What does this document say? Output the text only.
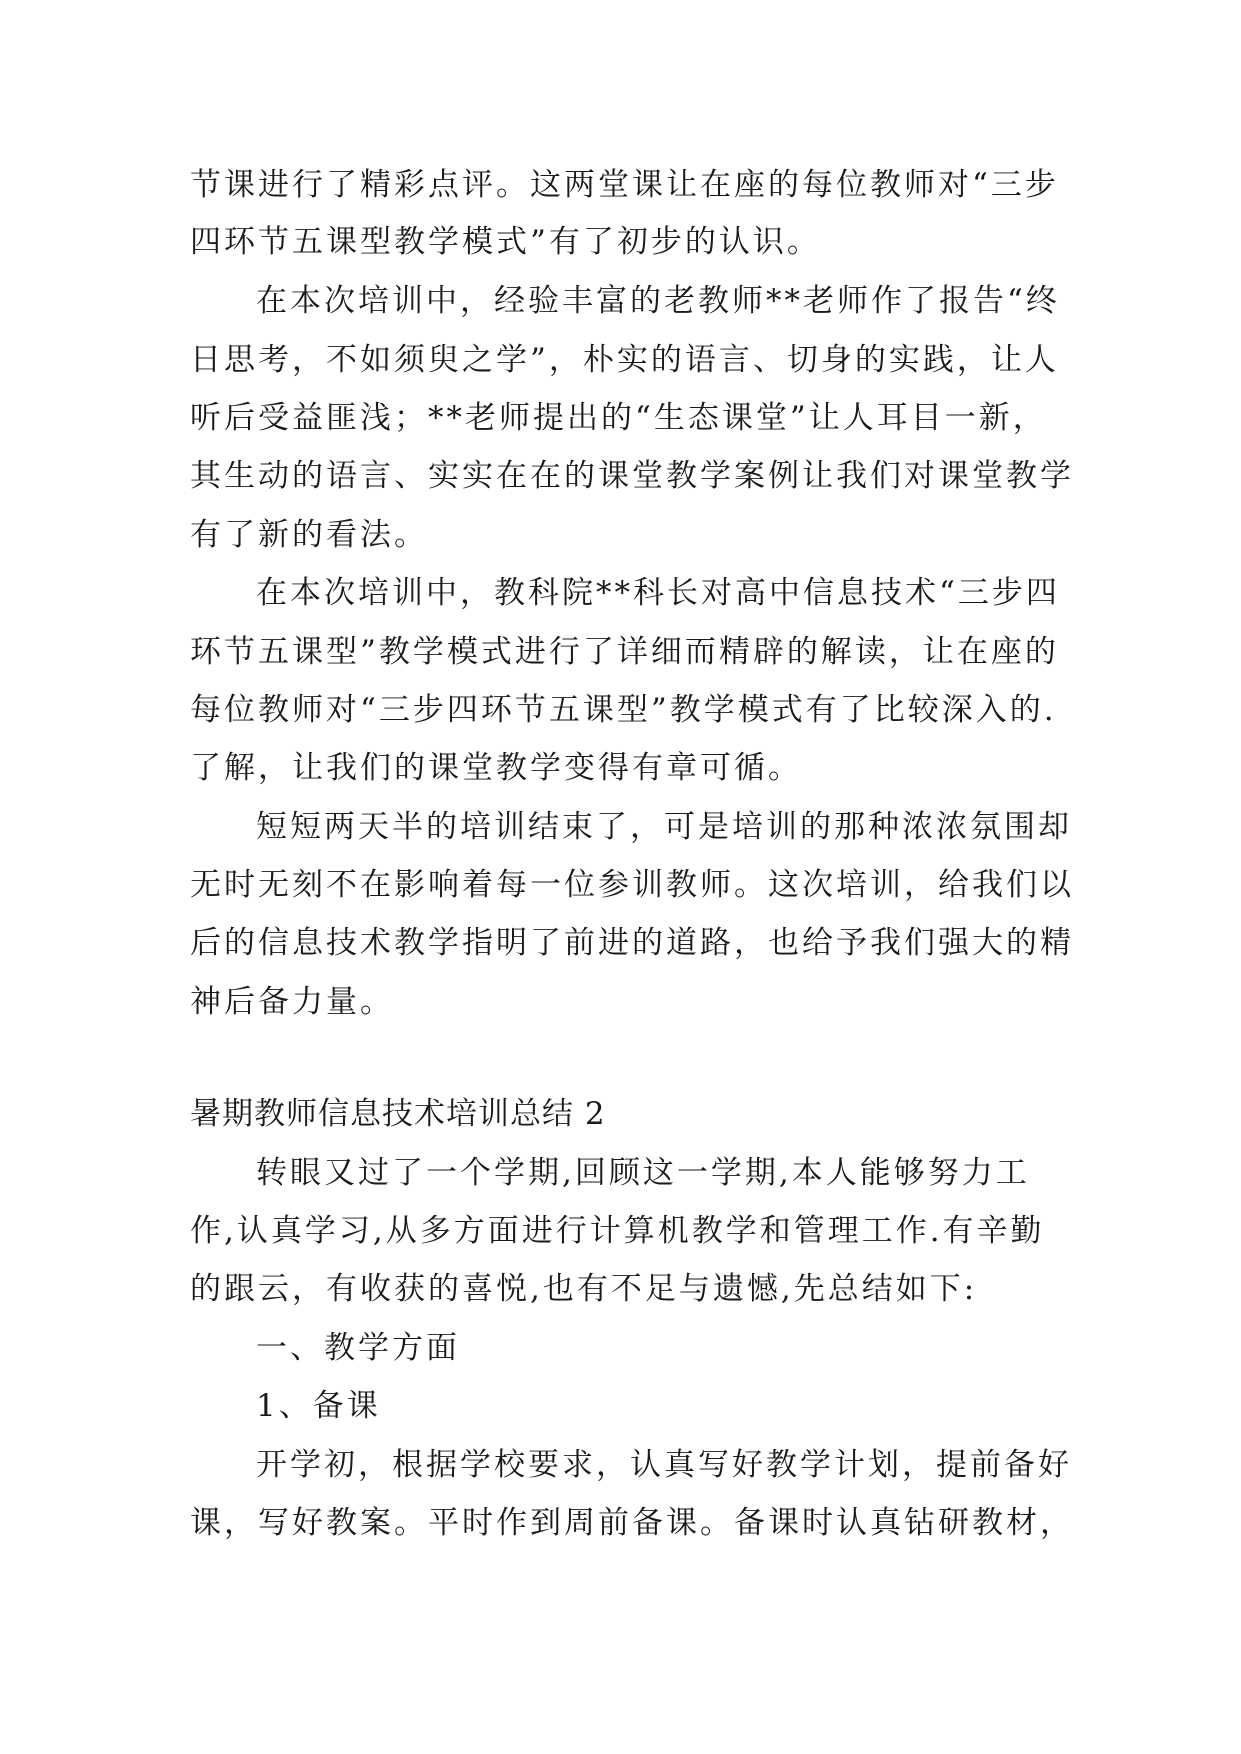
节课进行了精彩点评。这两堂课让在座的每位教师对“三步
四环节五课型教学模式”有了初步的认识。
在本次培训中，经验丰富的老教师**老师作了报告“终
日思考，不如须臾之学”，朴实的语言、切身的实践，让人
听后受益匪浅；**老师提出的“生态课堂”让人耳目一新，
其生动的语言、实实在在的课堂教学案例让我们对课堂教学
有了新的看法。
在本次培训中，教科院**科长对高中信息技术“三步四
环节五课型”教学模式进行了详细而精辟的解读，让在座的
每位教师对“三步四环节五课型”教学模式有了比较深入的.
了解，让我们的课堂教学变得有章可循。
短短两天半的培训结束了，可是培训的那种浓浓氛围却
无时无刻不在影响着每一位参训教师。这次培训，给我们以
后的信息技术教学指明了前进的道路，也给予我们强大的精
神后备力量。
暑期教师信息技术培训总结 2
转眼又过了一个学期,回顾这一学期,本人能够努力工
作,认真学习,从多方面进行计算机教学和管理工作.有辛勤
的跟云，有收获的喜悦,也有不足与遗憾,先总结如下:
一、教学方面
1、备课
开学初，根据学校要求，认真写好教学计划，提前备好
课，写好教案。平时作到周前备课。备课时认真钻研教材，
